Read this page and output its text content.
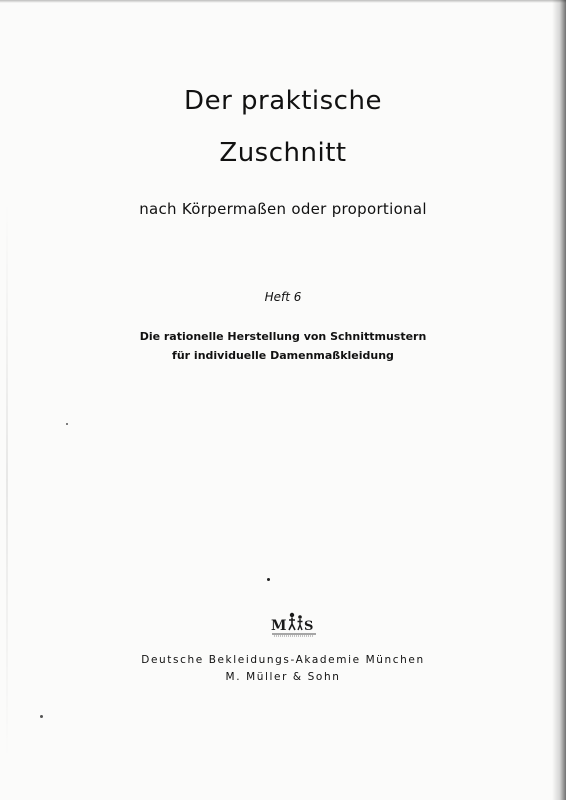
Der praktische
Zuschnitt
nach Körpermaßen oder proportional
Heft 6
Die rationelle Herstellung von Schnittmustern
für individuelle Damenmaßkleidung
M S
Deutsche Bekleidungs-Akademie München
M. Müller & Sohn
